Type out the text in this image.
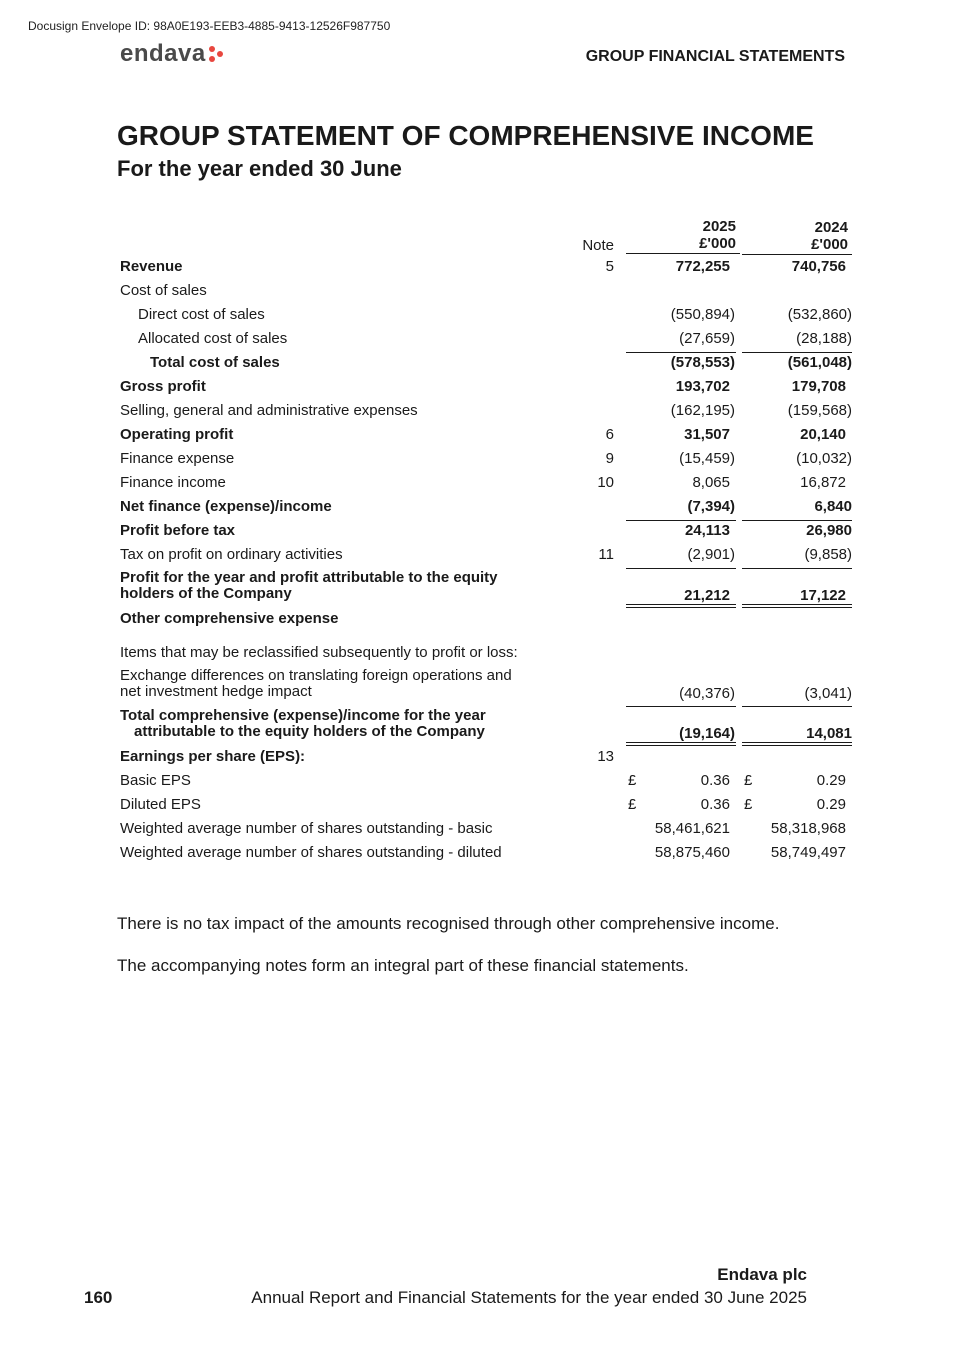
Docusign Envelope ID: 98A0E193-EEB3-4885-9413-12526F987750
endava	GROUP FINANCIAL STATEMENTS
GROUP STATEMENT OF COMPREHENSIVE INCOME
For the year ended 30 June
Note
2025
£'000
2024
£'000
Revenue	5	772,255	740,756
Cost of sales
Direct cost of sales	(550,894)	(532,860)
Allocated cost of sales	(27,659)	(28,188)
Total cost of sales	(578,553)	(561,048)
Gross profit	193,702	179,708
Selling, general and administrative expenses	(162,195)	(159,568)
Operating profit	6	31,507	20,140
Finance expense	9	(15,459)	(10,032)
Finance income	10	8,065	16,872
Net finance (expense)/income	(7,394)	6,840
Profit before tax	24,113	26,980
Tax on profit on ordinary activities	11	(2,901)	(9,858)
Profit for the year and profit attributable to the equity
holders of the Company	21,212	17,122
Other comprehensive expense
Items that may be reclassified subsequently to profit or loss:
Exchange differences on translating foreign operations and
net investment hedge impact	(40,376)	(3,041)
Total comprehensive (expense)/income for the year
attributable to the equity holders of the Company	(19,164)	14,081
Earnings per share (EPS):	13
Basic EPS	£	0.36 £	0.29
Diluted EPS	£	0.36 £	0.29
Weighted average number of shares outstanding - basic	58,461,621	58,318,968
Weighted average number of shares outstanding - diluted	58,875,460	58,749,497
There is no tax impact of the amounts recognised through other comprehensive income.
The accompanying notes form an integral part of these financial statements.
160
Endava plc
Annual Report and Financial Statements for the year ended 30 June 2025
